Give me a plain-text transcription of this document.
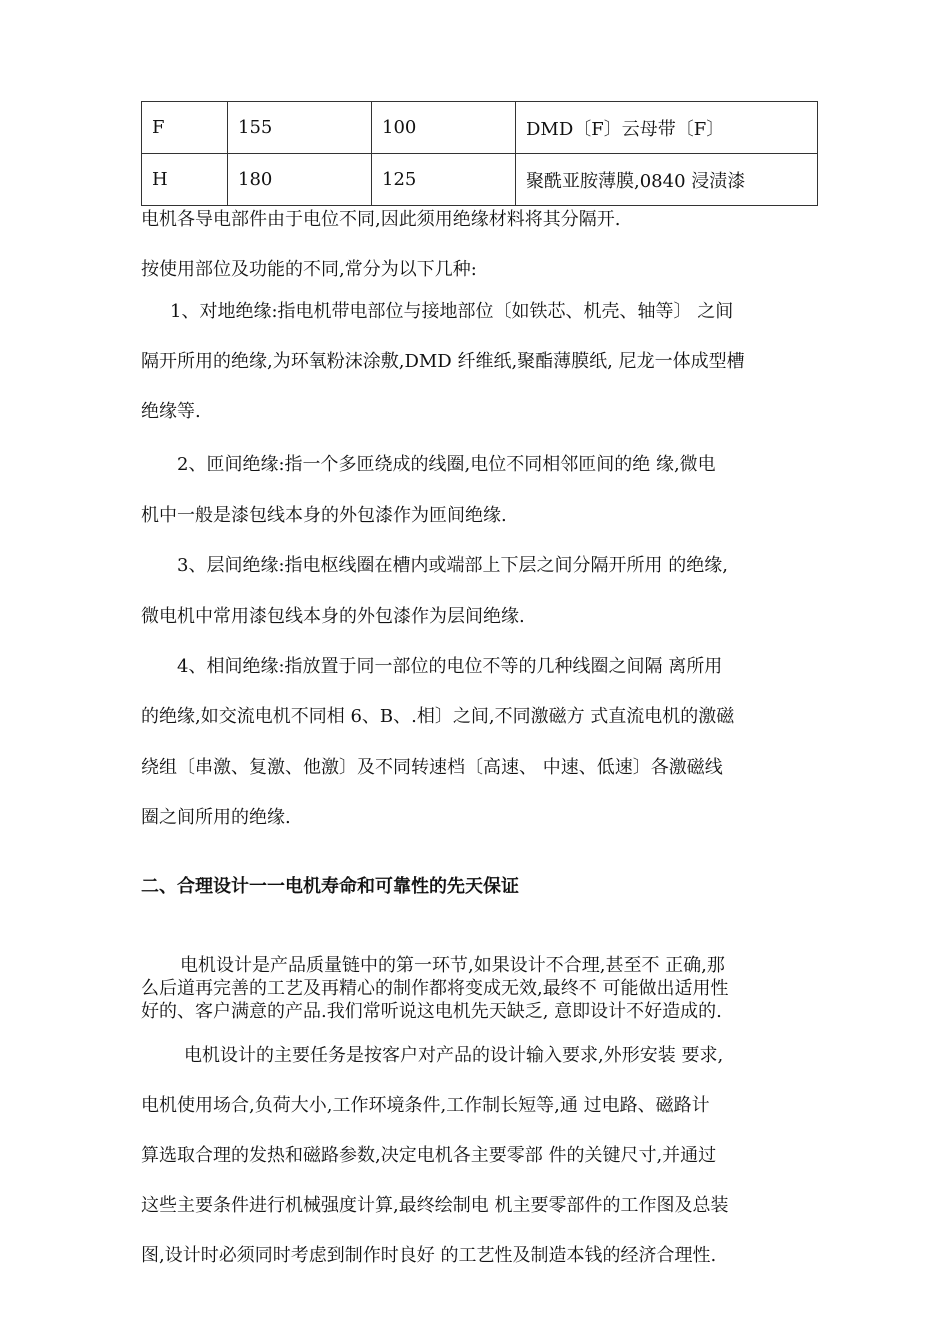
F	155	100	DMD〔F〕云母带〔F〕
H	180	125	聚酰亚胺薄膜,0840 浸渍漆
电机各导电部件由于电位不同,因此须用绝缘材料将其分隔开.
按使用部位及功能的不同,常分为以下几种:
1、对地绝缘:指电机带电部位与接地部位〔如铁芯、机壳、轴等〕 之间
隔开所用的绝缘,为环氧粉沫涂敷,DMD 纤维纸,聚酯薄膜纸, 尼龙一体成型槽
绝缘等.
2、匝间绝缘:指一个多匝绕成的线圈,电位不同相邻匝间的绝 缘,微电
机中一般是漆包线本身的外包漆作为匝间绝缘.
3、层间绝缘:指电枢线圈在槽内或端部上下层之间分隔开所用 的绝缘,
微电机中常用漆包线本身的外包漆作为层间绝缘.
4、相间绝缘:指放置于同一部位的电位不等的几种线圈之间隔 离所用
的绝缘,如交流电机不同相 6、B、.相〕之间,不同激磁方 式直流电机的激磁
绕组〔串激、复激、他激〕及不同转速档〔高速、 中速、低速〕各激磁线
圈之间所用的绝缘.
二、合理设计一一电机寿命和可靠性的先天保证
电机设计是产品质量链中的第一环节,如果设计不合理,甚至不 正确,那
么后道再完善的工艺及再精心的制作都将变成无效,最终不 可能做出适用性
好的、客户满意的产品.我们常听说这电机先天缺乏, 意即设计不好造成的.
电机设计的主要任务是按客户对产品的设计输入要求,外形安装 要求,
电机使用场合,负荷大小,工作环境条件,工作制长短等,通 过电路、磁路计
算选取合理的发热和磁路参数,决定电机各主要零部 件的关键尺寸,并通过
这些主要条件进行机械强度计算,最终绘制电 机主要零部件的工作图及总装
图,设计时必须同时考虑到制作时良好 的工艺性及制造本钱的经济合理性.
